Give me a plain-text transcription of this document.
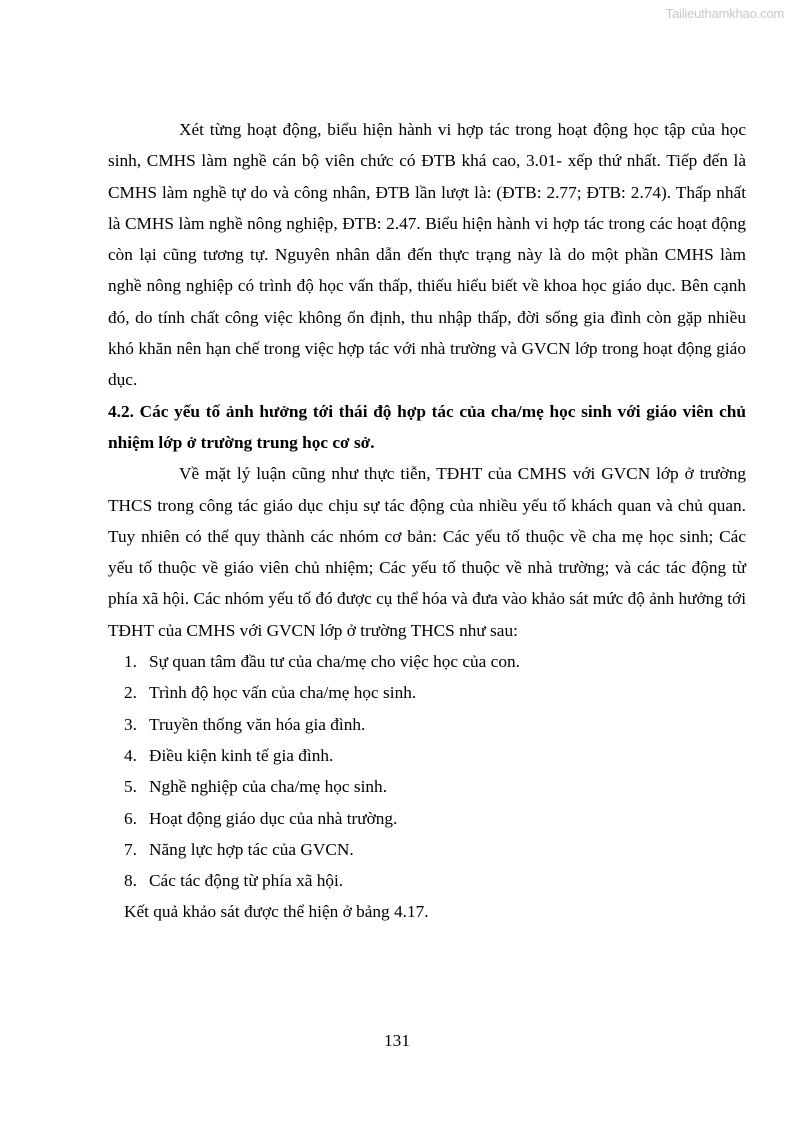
Tailieuthamkhao.com

Xét từng hoạt động, biểu hiện hành vi hợp tác trong hoạt động học tập của học sinh, CMHS làm nghề cán bộ viên chức có ĐTB khá cao, 3.01- xếp thứ nhất. Tiếp đến là CMHS làm nghề tự do và công nhân, ĐTB lần lượt là: (ĐTB: 2.77; ĐTB: 2.74). Thấp nhất là CMHS làm nghề nông nghiệp, ĐTB: 2.47. Biểu hiện hành vi hợp tác trong các hoạt động còn lại cũng tương tự. Nguyên nhân dẫn đến thực trạng này là do một phần CMHS làm nghề nông nghiệp có trình độ học vấn thấp, thiếu hiểu biết về khoa học giáo dục. Bên cạnh đó, do tính chất công việc không ổn định, thu nhập thấp, đời sống gia đình còn gặp nhiều khó khăn nên hạn chế trong việc hợp tác với nhà trường và GVCN lớp trong hoạt động giáo dục.

4.2. Các yếu tố ảnh hưởng tới thái độ hợp tác của cha/mẹ học sinh với giáo viên chủ nhiệm lớp ở trường trung học cơ sở.

Về mặt lý luận cũng như thực tiễn, TĐHT của CMHS với GVCN lớp ở trường THCS trong công tác giáo dục chịu sự tác động của nhiều yếu tố khách quan và chủ quan. Tuy nhiên có thể quy thành các nhóm cơ bản: Các yếu tố thuộc về cha mẹ học sinh; Các yếu tố thuộc về giáo viên chủ nhiệm; Các yếu tố thuộc về nhà trường; và các tác động từ phía xã hội. Các nhóm yếu tố đó được cụ thể hóa và đưa vào khảo sát mức độ ảnh hưởng tới TĐHT của CMHS với GVCN lớp ở trường THCS như sau:

1. Sự quan tâm đầu tư của cha/mẹ cho việc học của con.
2. Trình độ học vấn của cha/mẹ học sinh.
3. Truyền thống văn hóa gia đình.
4. Điều kiện kinh tế gia đình.
5. Nghề nghiệp của cha/mẹ học sinh.
6. Hoạt động giáo dục của nhà trường.
7. Năng lực hợp tác của GVCN.
8. Các tác động từ phía xã hội.

Kết quả khảo sát được thể hiện ở bảng 4.17.

131
